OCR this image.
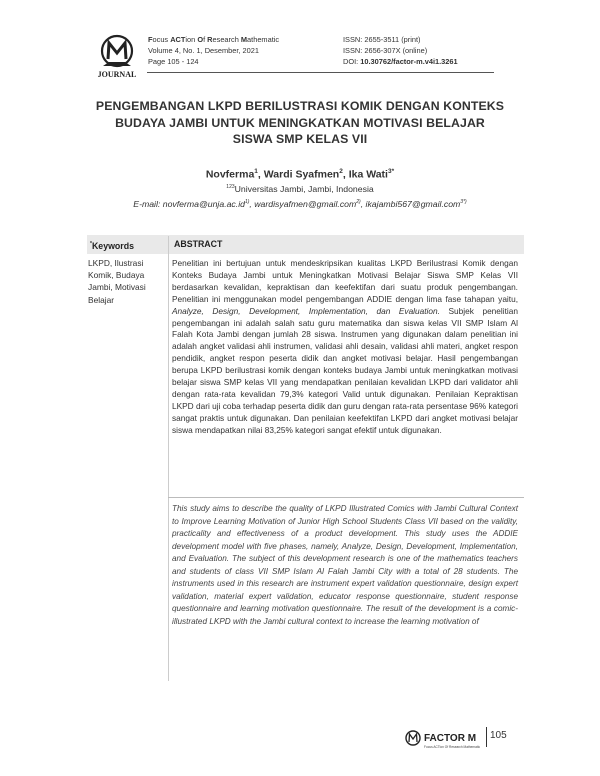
JOURNAL
Focus ACTion Of Research Mathematic
Volume 4, No. 1, Desember, 2021
Page 105 - 124
ISSN: 2655-3511 (print)
ISSN: 2656-307X (online)
DOI: 10.30762/factor-m.v4i1.3261
PENGEMBANGAN LKPD BERILUSTRASI KOMIK DENGAN KONTEKS
BUDAYA JAMBI UNTUK MENINGKATKAN MOTIVASI BELAJAR
SISWA SMP KELAS VII
Novferma$^1$, Wardi Syafmen$^2$, Ika Wati$^{3*}$
$^{123}$Universitas Jambi, Jambi, Indonesia
E-mail: $novferma@unja.ac.id^{1)}$, wardisyafmen@gmail.com$^{2)}$, ikajambi567@gmail.com$^{3*)}$
*Keywords	ABSTRACT
LKPD, Ilustrasi Komik, Budaya Jambi, Motivasi Belajar
Penelitian ini bertujuan untuk mendeskripsikan kualitas LKPD Berilustrasi Komik dengan Konteks Budaya Jambi untuk Meningkatkan Motivasi Belajar Siswa SMP Kelas VII berdasarkan kevalidan, kepraktisan dan keefektifan dari suatu produk pengembangan. Penelitian ini menggunakan model pengembangan ADDIE dengan lima fase tahapan yaitu, Analyze, Design, Development, Implementation, dan Evaluation. Subjek penelitian pengembangan ini adalah salah satu guru matematika dan siswa kelas VII SMP Islam Al Falah Kota Jambi dengan jumlah 28 siswa. Instrumen yang digunakan dalam penelitian ini adalah angket validasi ahli instrumen, validasi ahli desain, validasi ahli materi, angket respon pendidik, angket respon peserta didik dan angket motivasi belajar. Hasil pengembangan berupa LKPD berilustrasi komik dengan konteks budaya Jambi untuk meningkatkan motivasi belajar siswa SMP kelas VII yang mendapatkan penilaian kevalidan LKPD dari validator ahli dengan rata-rata kevalidan 79,3% kategori Valid untuk digunakan. Penilaian Kepraktisan LKPD dari uji coba terhadap peserta didik dan guru dengan rata-rata persentase 96% kategori sangat praktis untuk digunakan. Dan penilaian keefektifan LKPD dari angket motivasi belajar siswa mendapatkan nilai 83,25% kategori sangat efektif untuk digunakan.
This study aims to describe the quality of LKPD Illustrated Comics with Jambi Cultural Context to Improve Learning Motivation of Junior High School Students Class VII based on the validity, practicality and effectiveness of a product development. This study uses the ADDIE development model with five phases, namely, Analyze, Design, Development, Implementation, and Evaluation. The subject of this development research is one of the mathematics teachers and students of class VII SMP Islam Al Falah Jambi City with a total of 28 students. The instruments used in this research are instrument expert validation questionnaire, design expert validation, material expert validation, educator response questionnaire, student response questionnaire and learning motivation questionnaire. The result of the development is a comic-illustrated LKPD with the Jambi cultural context to increase the learning motivation of
FACTOR M
Focus ACTion Of Research Mathematic
105
